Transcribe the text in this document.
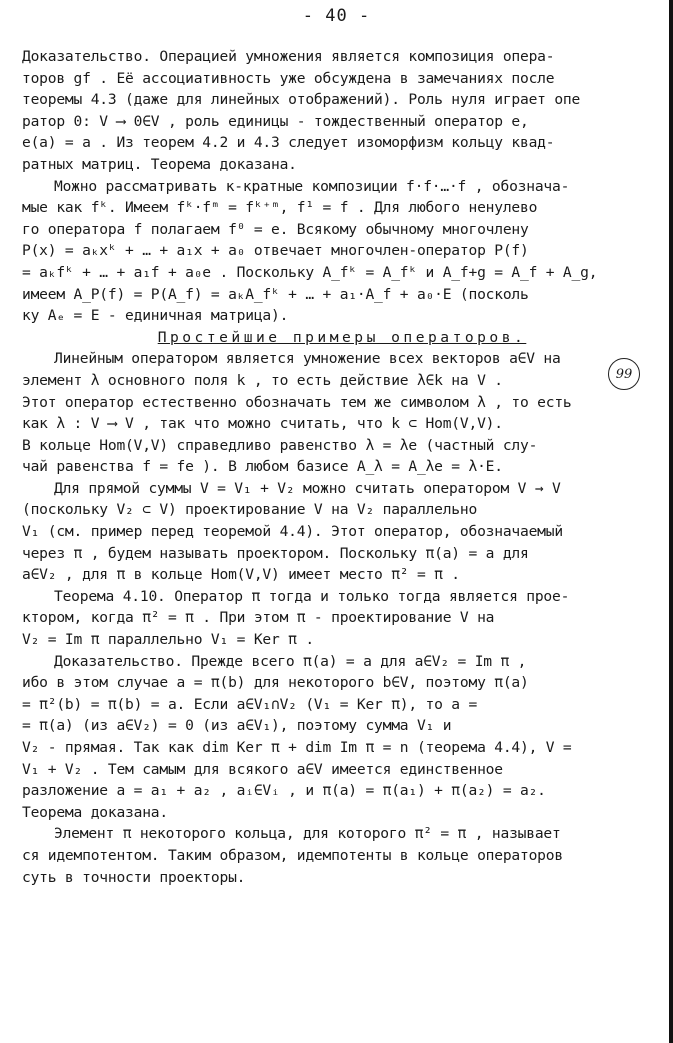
- 40 -
Доказательство. Операцией умножения является композиция опера-
торов gf . Её ассоциативность уже обсуждена в замечаниях после
теоремы 4.3 (даже для линейных отображений). Роль нуля играет опе
ратор 0: V ⟶ 0∈V , роль единицы - тождественный оператор e,
e(a) = a . Из теорем 4.2 и 4.3 следует изоморфизм кольцу квад-
ратных матриц. Теорема доказана.
Можно рассматривать к-кратные композиции f·f·…·f , обознача-
мые как fᵏ. Имеем fᵏ·fᵐ = fᵏ⁺ᵐ, f¹ = f . Для любого ненулево
го оператора f полагаем f⁰ = e. Всякому обычному многочлену
P(x) = aₖxᵏ + … + a₁x + a₀ отвечает многочлен-оператор P(f)
= aₖfᵏ + … + a₁f + a₀e . Поскольку A_fᵏ = A_fᵏ и A_f+g = A_f + A_g,
имеем A_P(f) = P(A_f) = aₖA_fᵏ + … + a₁·A_f + a₀·E (посколь
ку Aₑ = E - единичная матрица).
Простейшие примеры операторов.
Линейным оператором является умножение всех векторов a∈V на
элемент λ основного поля k , то есть действие λ∈k на V .
Этот оператор естественно обозначать тем же символом λ , то есть
как λ : V ⟶ V , так что можно считать, что k ⊂ Hom(V,V).
В кольце Hom(V,V) справедливо равенство λ = λe (частный слу-
чай равенства f = fe ). В любом базисе A_λ = A_λe = λ·E.
Для прямой суммы V = V₁ + V₂ можно считать оператором V → V
(поскольку V₂ ⊂ V) проектирование V на V₂ параллельно
V₁ (см. пример перед теоремой 4.4). Этот оператор, обозначаемый
через π , будем называть проектором. Поскольку π(a) = a для
a∈V₂ , для π в кольце Hom(V,V) имеет место π² = π .
Теорема 4.10. Оператор π тогда и только тогда является прое-
ктором, когда π² = π . При этом π - проектирование V на
V₂ = Im π параллельно V₁ = Ker π .
Доказательство. Прежде всего π(a) = a для a∈V₂ = Im π ,
ибо в этом случае a = π(b) для некоторого b∈V, поэтому π(a)
= π²(b) = π(b) = a. Если a∈V₁∩V₂ (V₁ = Ker π), то a =
= π(a) (из a∈V₂) = 0 (из a∈V₁), поэтому сумма V₁ и
V₂ - прямая. Так как dim Ker π + dim Im π = n (теорема 4.4), V =
V₁ + V₂ . Тем самым для всякого a∈V имеется единственное
разложение a = a₁ + a₂ , aᵢ∈Vᵢ , и π(a) = π(a₁) + π(a₂) = a₂.
Теорема доказана.
Элемент π некоторого кольца, для которого π² = π , называет
ся идемпотентом. Таким образом, идемпотенты в кольце операторов
суть в точности проекторы.
99
